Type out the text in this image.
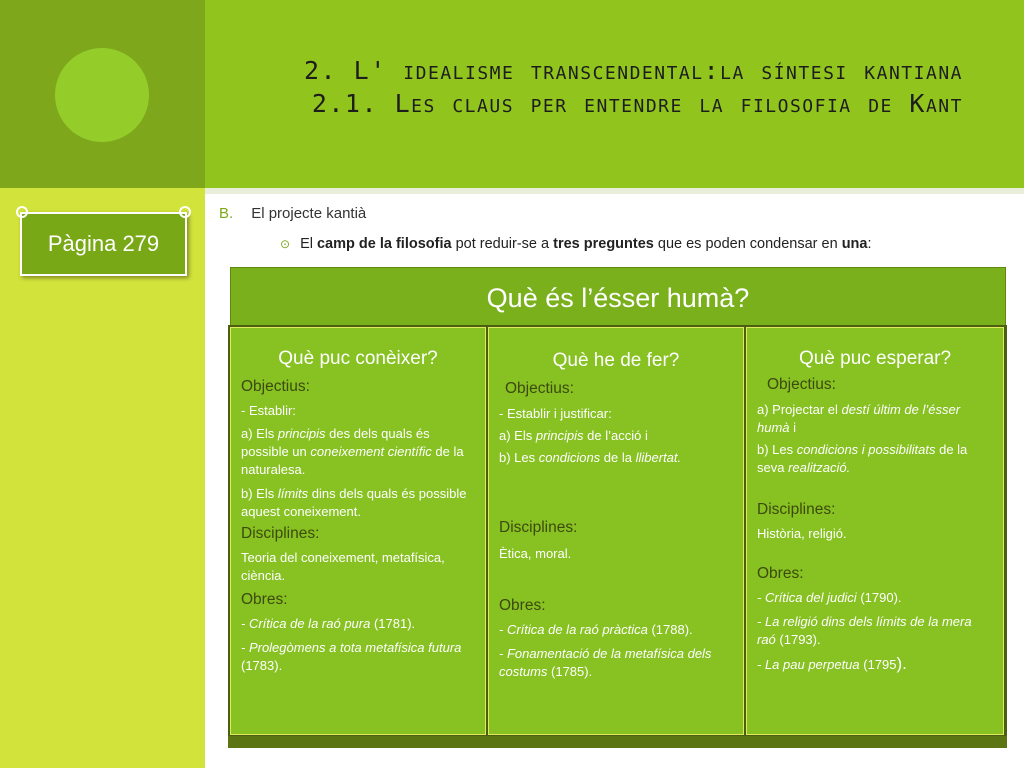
2. L' idealisme transcendental:la síntesi kantiana
2.1. Les claus per entendre la filosofia de Kant
Pàgina 279
B. El projecte kantià
⊙ El camp de la filosofia pot reduir-se a tres preguntes que es poden condensar en una:
Què és l’ésser humà?
Què puc conèixer?
Objectius:

- Establir:

a) Els principis des dels quals és possible un coneixement científic de la naturalesa.

b) Els límits dins dels quals és possible aquest coneixement.

Disciplines:

Teoria del coneixement, metafísica, ciència.

Obres:

- Crítica de la raó pura (1781).

- Prolegòmens a tota metafísica futura (1783).

Què he de fer?
Objectius:

- Establir i justificar:

a) Els principis de l’acció i

b) Les condicions de la llibertat.

Disciplines:

Ètica, moral.

Obres:

- Crítica de la raó pràctica (1788).

- Fonamentació de la metafísica dels costums (1785).

Què puc esperar?
Objectius:

a) Projectar el destí últim de l’ésser humà i

b) Les condicions i possibilitats de la seva realització.

Disciplines:

Història, religió.

Obres:

- Crítica del judici (1790).

- La religió dins dels límits de la mera raó (1793).

- La pau perpetua (1795).
